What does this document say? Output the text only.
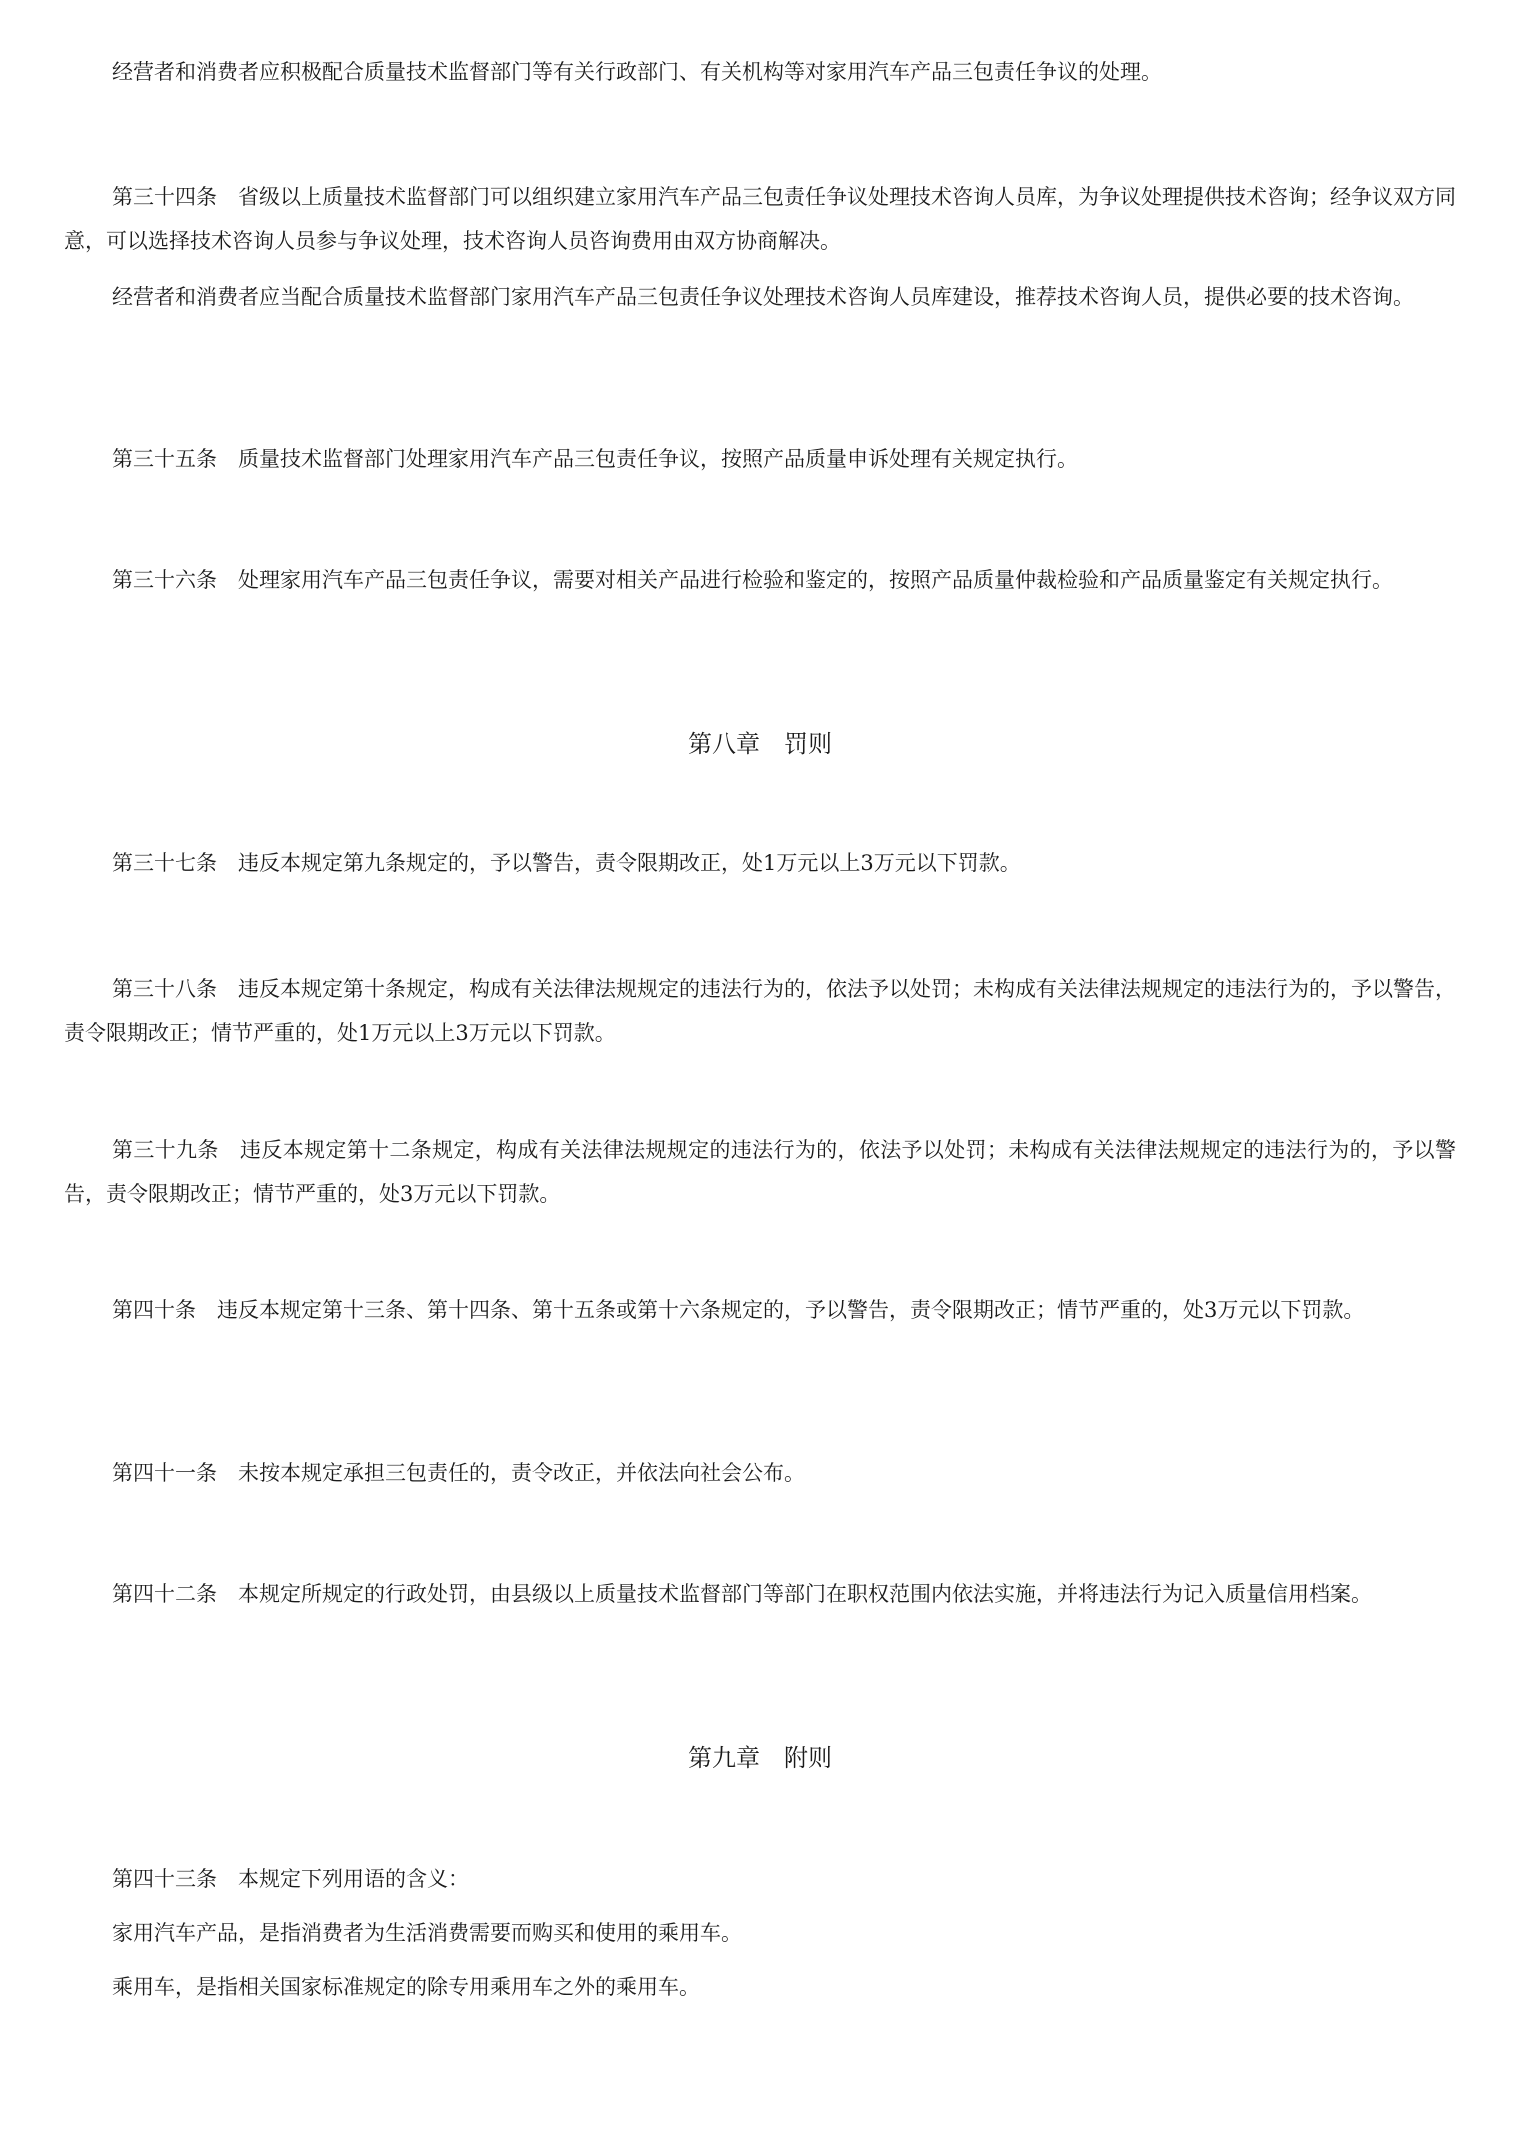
经营者和消费者应积极配合质量技术监督部门等有关行政部门、有关机构等对家用汽车产品三包责任争议的处理。

第三十四条　省级以上质量技术监督部门可以组织建立家用汽车产品三包责任争议处理技术咨询人员库，为争议处理提供技术咨询；经争议双方同意，可以选择技术咨询人员参与争议处理，技术咨询人员咨询费用由双方协商解决。

经营者和消费者应当配合质量技术监督部门家用汽车产品三包责任争议处理技术咨询人员库建设，推荐技术咨询人员，提供必要的技术咨询。

第三十五条　质量技术监督部门处理家用汽车产品三包责任争议，按照产品质量申诉处理有关规定执行。

第三十六条　处理家用汽车产品三包责任争议，需要对相关产品进行检验和鉴定的，按照产品质量仲裁检验和产品质量鉴定有关规定执行。

第八章　罚则

第三十七条　违反本规定第九条规定的，予以警告，责令限期改正，处1万元以上3万元以下罚款。

第三十八条　违反本规定第十条规定，构成有关法律法规规定的违法行为的，依法予以处罚；未构成有关法律法规规定的违法行为的，予以警告，责令限期改正；情节严重的，处1万元以上3万元以下罚款。

第三十九条　违反本规定第十二条规定，构成有关法律法规规定的违法行为的，依法予以处罚；未构成有关法律法规规定的违法行为的，予以警告，责令限期改正；情节严重的，处3万元以下罚款。

第四十条　违反本规定第十三条、第十四条、第十五条或第十六条规定的，予以警告，责令限期改正；情节严重的，处3万元以下罚款。

第四十一条　未按本规定承担三包责任的，责令改正，并依法向社会公布。

第四十二条　本规定所规定的行政处罚，由县级以上质量技术监督部门等部门在职权范围内依法实施，并将违法行为记入质量信用档案。

第九章　附则

第四十三条　本规定下列用语的含义：

家用汽车产品，是指消费者为生活消费需要而购买和使用的乘用车。

乘用车，是指相关国家标准规定的除专用乘用车之外的乘用车。
